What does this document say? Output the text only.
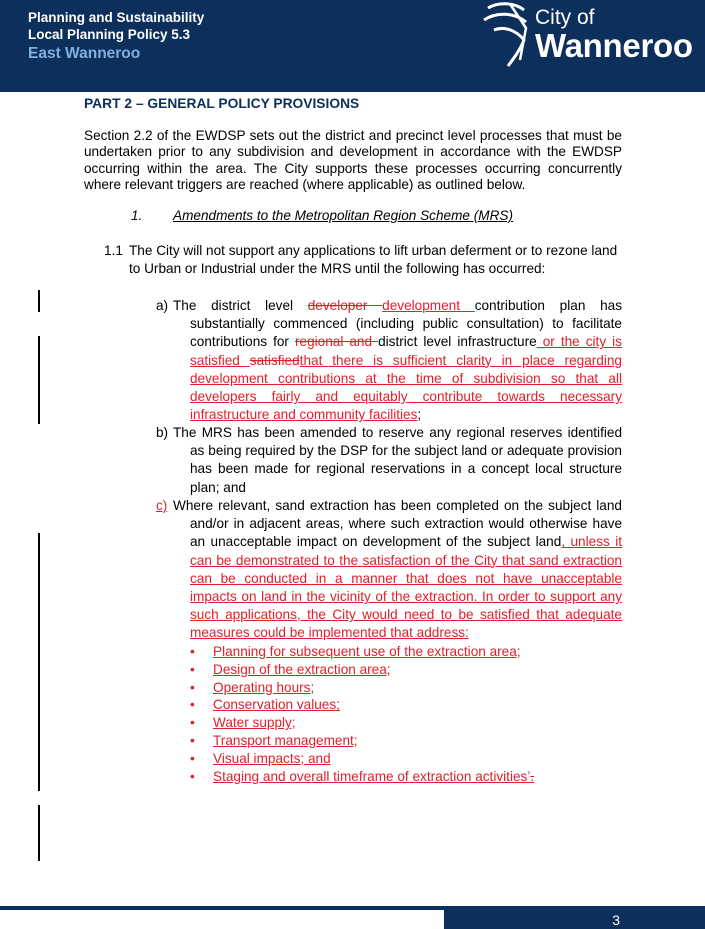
Planning and Sustainability
Local Planning Policy 5.3
East Wanneroo
City of
Wanneroo
PART 2 – GENERAL POLICY PROVISIONS
Section 2.2 of the EWDSP sets out the district and precinct level processes that must be undertaken prior to any subdivision and development in accordance with the EWDSP occurring within the area. The City supports these processes occurring concurrently where relevant triggers are reached (where applicable) as outlined below.
1. Amendments to the Metropolitan Region Scheme (MRS)
1.1 The City will not support any applications to lift urban deferment or to rezone land
to Urban or Industrial under the MRS until the following has occurred:
a) The district level developer development contribution plan has substantially commenced (including public consultation) to facilitate contributions for regional and district level infrastructure or the city is satisfied satisfiedthat there is sufficient clarity in place regarding development contributions at the time of subdivision so that all developers fairly and equitably contribute towards necessary infrastructure and community facilities;
b) The MRS has been amended to reserve any regional reserves identified as being required by the DSP for the subject land or adequate provision has been made for regional reservations in a concept local structure plan; and
c) Where relevant, sand extraction has been completed on the subject land and/or in adjacent areas, where such extraction would otherwise have an unacceptable impact on development of the subject land, unless it can be demonstrated to the satisfaction of the City that sand extraction can be conducted in a manner that does not have unacceptable impacts on land in the vicinity of the extraction. In order to support any such applications, the City would need to be satisfied that adequate measures could be implemented that address:
• Planning for subsequent use of the extraction area;
• Design of the extraction area;
• Operating hours;
• Conservation values;
• Water supply;
• Transport management;
• Visual impacts; and
• Staging and overall timeframe of extraction activities’.
3
